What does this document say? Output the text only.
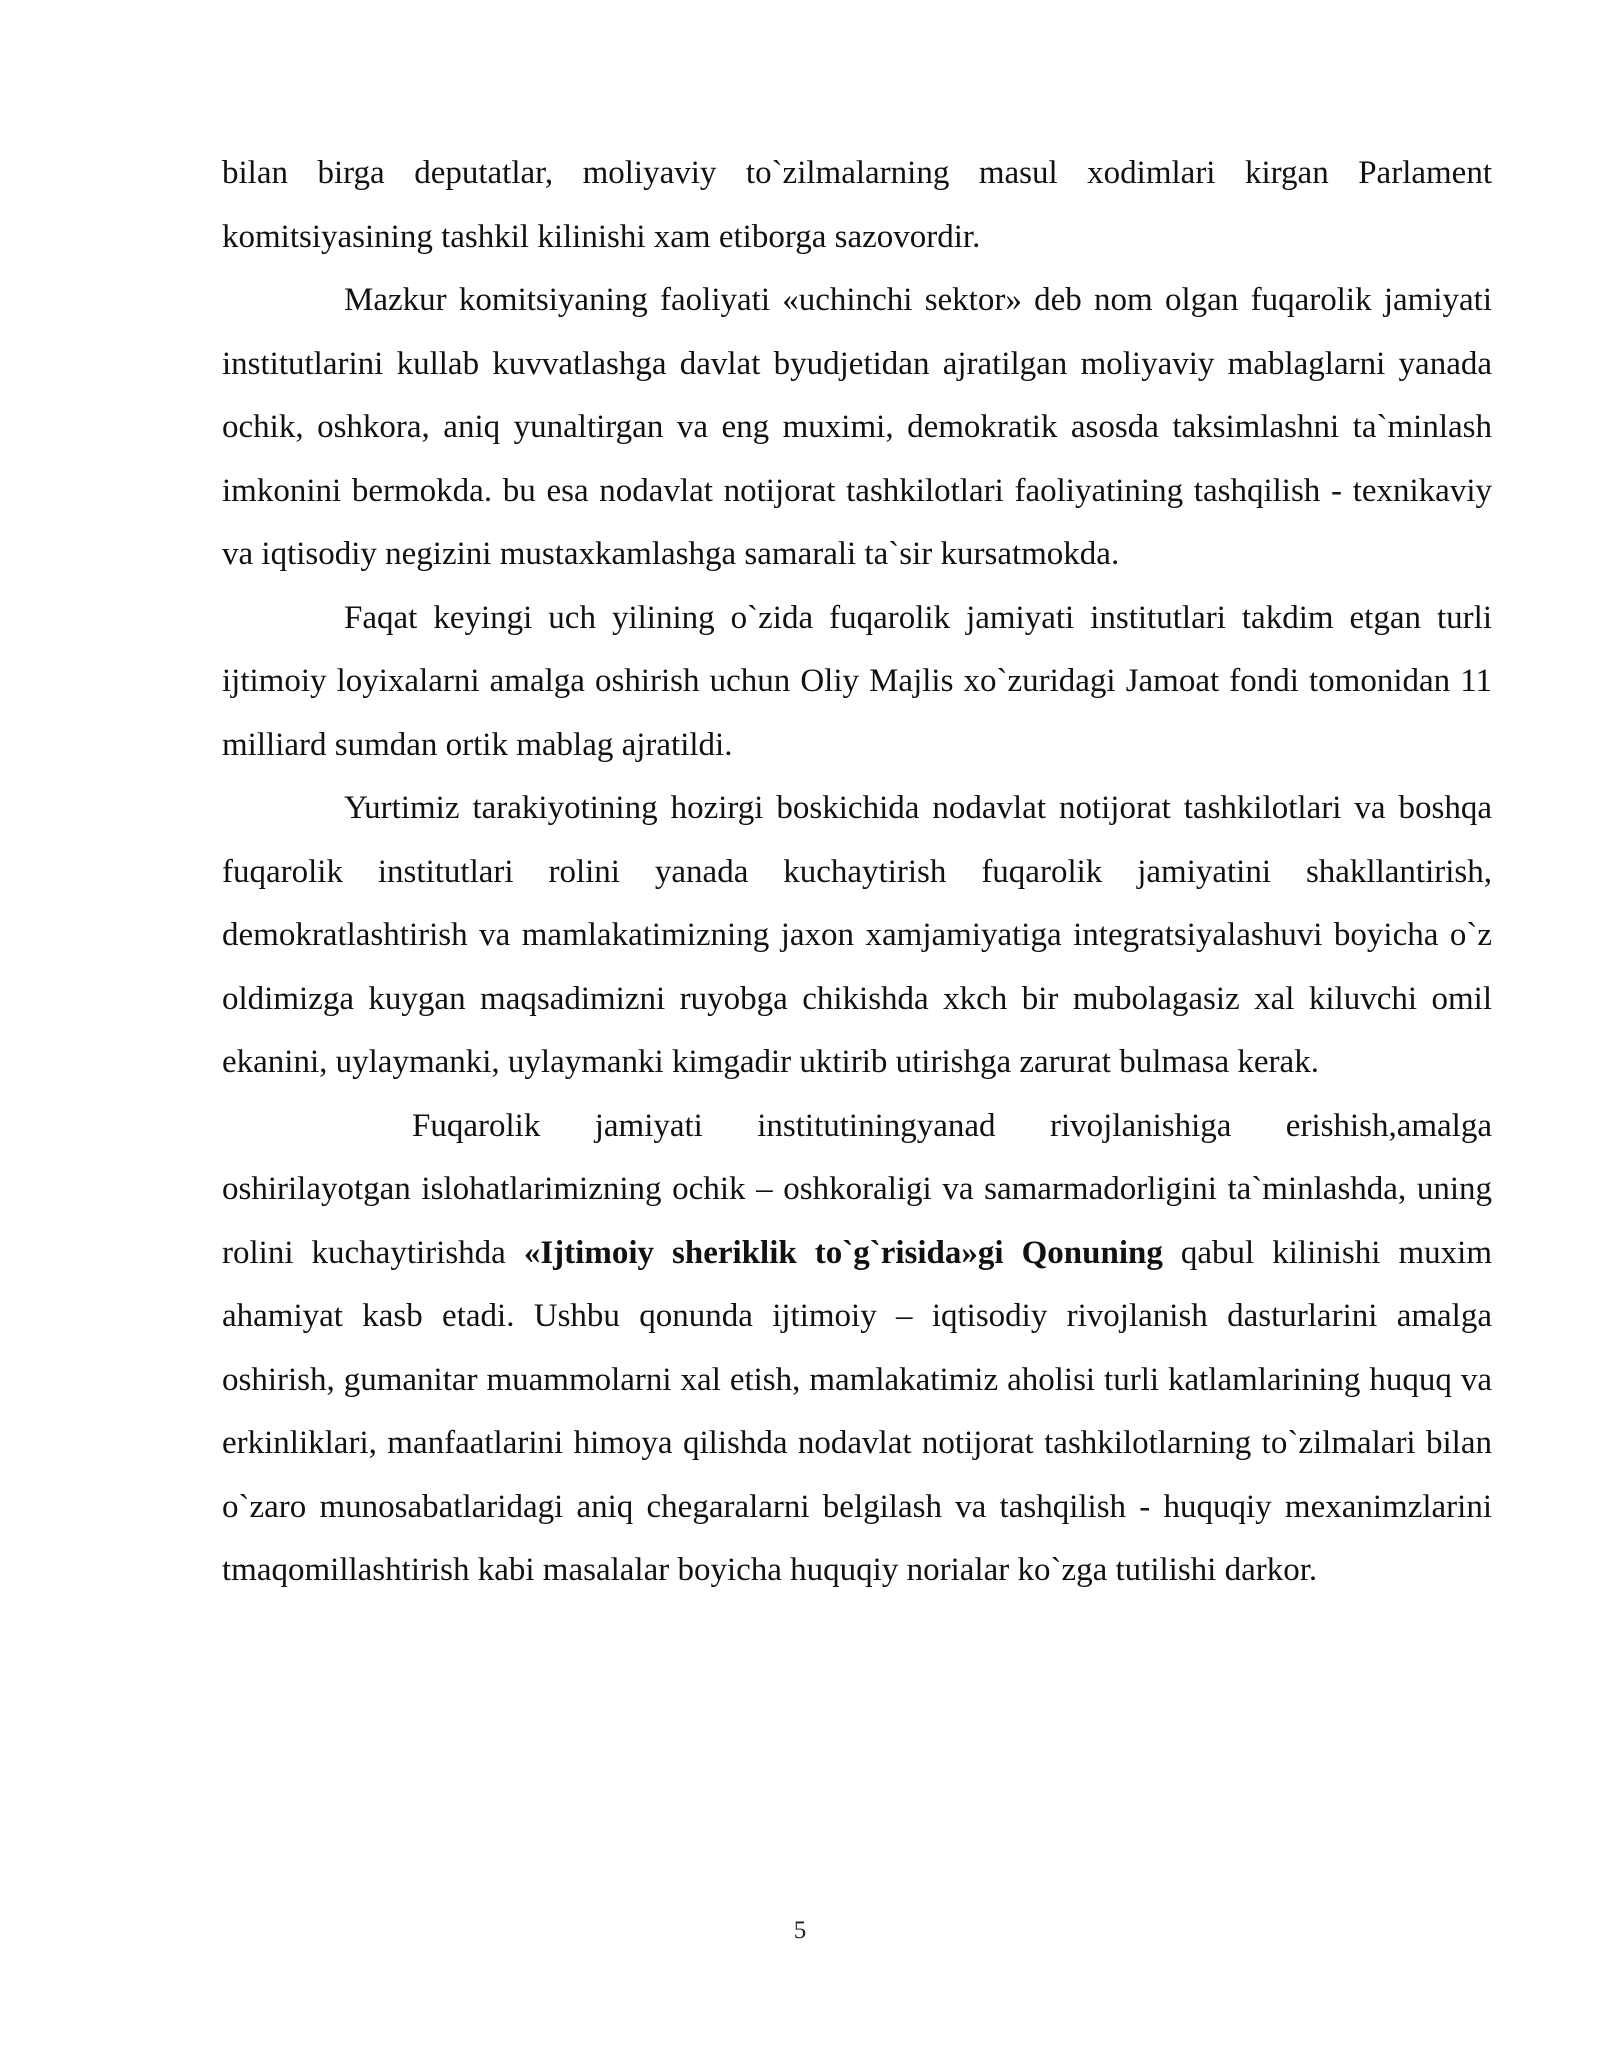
bilan birga deputatlar, moliyaviy to`zilmalarning masul xodimlari kirgan Parlament komitsiyasining tashkil kilinishi xam etiborga sazovordir.

Mazkur komitsiyaning faoliyati «uchinchi sektor» deb nom olgan fuqarolik jamiyati institutlarini kullab kuvvatlashga davlat byudjetidan ajratilgan moliyaviy mablaglarni yanada ochik, oshkora, aniq yunaltirgan va eng muximi, demokratik asosda taksimlashni ta`minlash imkonini bermokda. bu esa nodavlat notijorat tashkilotlari faoliyatining tashqilish - texnikaviy va iqtisodiy negizini mustaxkamlashga samarali ta`sir kursatmokda.

Faqat keyingi uch yilining o`zida fuqarolik jamiyati institutlari takdim etgan turli ijtimoiy loyixalarni amalga oshirish uchun Oliy Majlis xo`zuridagi Jamoat fondi tomonidan 11 milliard sumdan ortik mablag ajratildi.

Yurtimiz tarakiyotining hozirgi boskichida nodavlat notijorat tashkilotlari va boshqa fuqarolik institutlari rolini yanada kuchaytirish fuqarolik jamiyatini shakllantirish, demokratlashtirish va mamlakatimizning jaxon xamjamiyatiga integratsiyalashuvi boyicha o`z oldimizga kuygan maqsadimizni ruyobga chikishda xkch bir mubolagasiz xal kiluvchi omil ekanini, uylaymanki, uylaymanki kimgadir uktirib utirishga zarurat bulmasa kerak.

Fuqarolik jamiyati institutiningyanad rivojlanishiga erishish,amalga oshirilayotgan islohatlarimizning ochik – oshkoraligi va samarmadorligini ta`minlashda, uning rolini kuchaytirishda «Ijtimoiy sheriklik to`g`risida»gi Qonuning qabul kilinishi muxim ahamiyat kasb etadi. Ushbu qonunda ijtimoiy – iqtisodiy rivojlanish dasturlarini amalga oshirish, gumanitar muammolarni xal etish, mamlakatimiz aholisi turli katlamlarining huquq va erkinliklari, manfaatlarini himoya qilishda nodavlat notijorat tashkilotlarning to`zilmalari bilan o`zaro munosabatlaridagi aniq chegaralarni belgilash va tashqilish - huquqiy mexanimzlarini tmaqomillashtirish kabi masalalar boyicha huquqiy norialar ko`zga tutilishi darkor.

5
